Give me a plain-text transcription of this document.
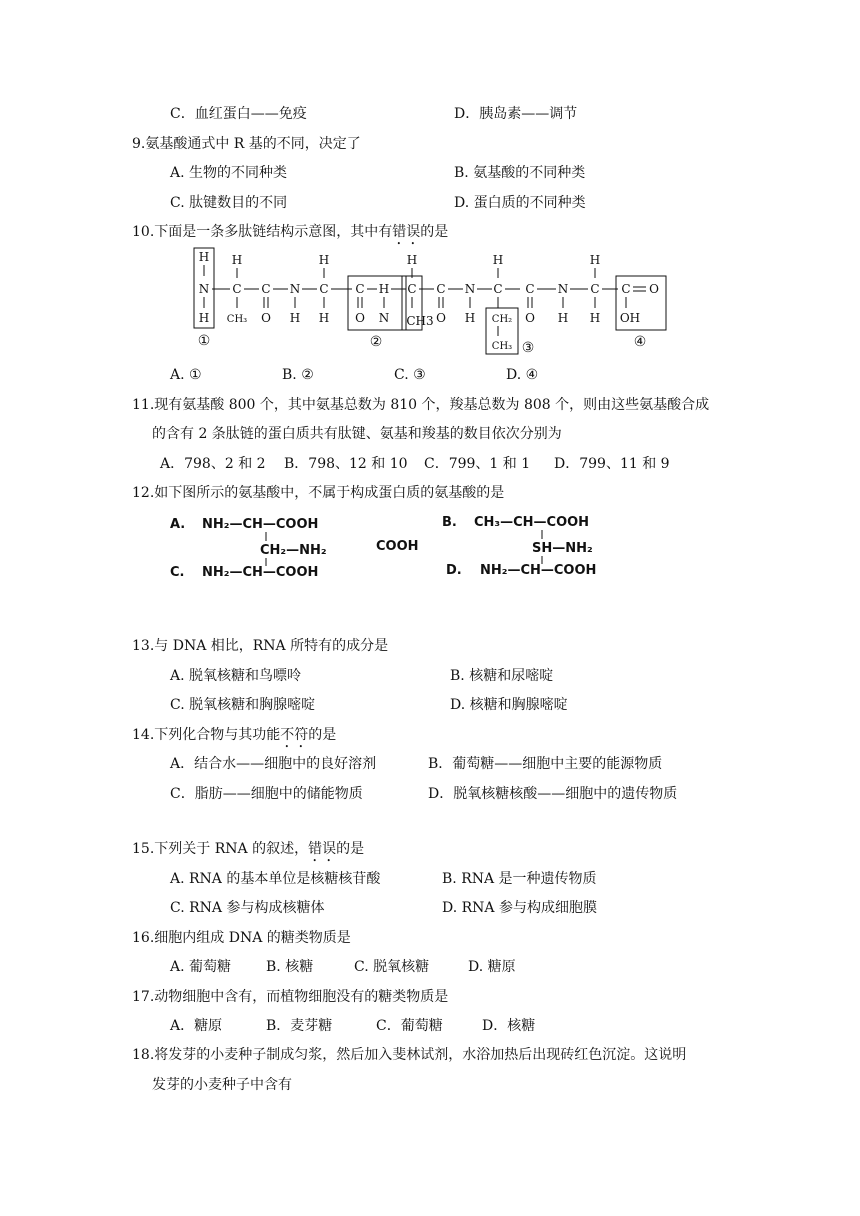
C．血红蛋白——免疫	D．胰岛素——调节
9.氨基酸通式中 R 基的不同，决定了
A. 生物的不同种类	B. 氨基酸的不同种类
C. 肽键数目的不同	D. 蛋白质的不同种类
10.下面是一条多肽链结构示意图，其中有错误的是
H
N
H
H
C
CH₃
C
O
N
H
H
C
H
C
O
H
N
H
C
CH3
C
O
N
H
H
C
CH₂
CH₃
C
O
N
H
H
C
H
C O
OH
①	②	③	④
A. ①	B. ②	C. ③	D. ④
11.现有氨基酸 800 个，其中氨基总数为 810 个，羧基总数为 808 个，则由这些氨基酸合成
的含有 2 条肽链的蛋白质共有肽键、氨基和羧基的数目依次分别为
A．798、2 和 2 B．798、12 和 10 C．799、1 和 1 D．799、11 和 9
12.如下图所示的氨基酸中，不属于构成蛋白质的氨基酸的是
A. NH₂—CH—COOH
CH₂—NH₂
C. NH₂—CH—COOH
COOH
B. CH₃—CH—COOH
SH—NH₂
D. NH₂—CH—COOH
13.与 DNA 相比，RNA 所特有的成分是
A. 脱氧核糖和鸟嘌呤	B. 核糖和尿嘧啶
C. 脱氧核糖和胸腺嘧啶	D. 核糖和胸腺嘧啶
14.下列化合物与其功能不符的是
A．结合水——细胞中的良好溶剂	B．葡萄糖——细胞中主要的能源物质
C．脂肪——细胞中的储能物质	D．脱氧核糖核酸——细胞中的遗传物质
15.下列关于 RNA 的叙述，错误的是
A. RNA 的基本单位是核糖核苷酸	B. RNA 是一种遗传物质
C. RNA 参与构成核糖体	D. RNA 参与构成细胞膜
16.细胞内组成 DNA 的糖类物质是
A. 葡萄糖 B. 核糖	C. 脱氧核糖	D. 糖原
17.动物细胞中含有，而植物细胞没有的糖类物质是
A．糖原	B．麦芽糖	C．葡萄糖	D．核糖
18.将发芽的小麦种子制成匀浆，然后加入斐林试剂，水浴加热后出现砖红色沉淀。这说明
发芽的小麦种子中含有
